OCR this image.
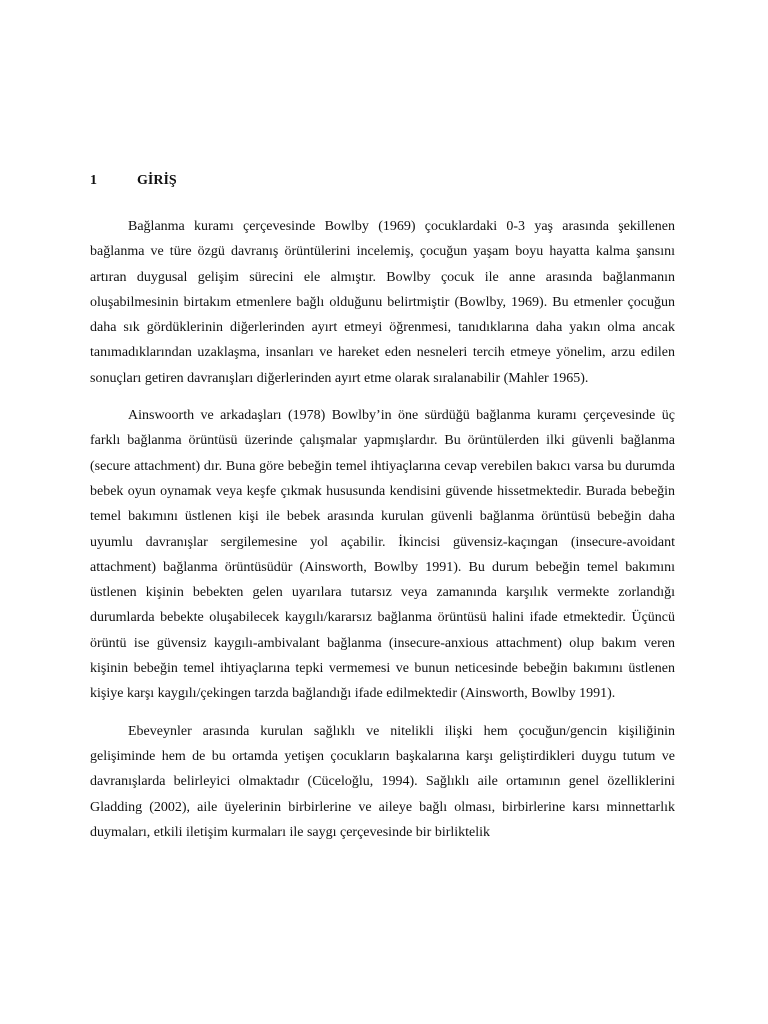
1	GİRİŞ

Bağlanma kuramı çerçevesinde Bowlby (1969) çocuklardaki 0-3 yaş arasında şekillenen bağlanma ve türe özgü davranış örüntülerini incelemiş, çocuğun yaşam boyu hayatta kalma şansını artıran duygusal gelişim sürecini ele almıştır. Bowlby çocuk ile anne arasında bağlanmanın oluşabilmesinin birtakım etmenlere bağlı olduğunu belirtmiştir (Bowlby, 1969). Bu etmenler çocuğun daha sık gördüklerinin diğerlerinden ayırt etmeyi öğrenmesi, tanıdıklarına daha yakın olma ancak tanımadıklarından uzaklaşma, insanları ve hareket eden nesneleri tercih etmeye yönelim, arzu edilen sonuçları getiren davranışları diğerlerinden ayırt etme olarak sıralanabilir (Mahler 1965).

Ainswoorth ve arkadaşları (1978) Bowlby’in öne sürdüğü bağlanma kuramı çerçevesinde üç farklı bağlanma örüntüsü üzerinde çalışmalar yapmışlardır. Bu örüntülerden ilki güvenli bağlanma (secure attachment) dır. Buna göre bebeğin temel ihtiyaçlarına cevap verebilen bakıcı varsa bu durumda bebek oyun oynamak veya keşfe çıkmak hususunda kendisini güvende hissetmektedir. Burada bebeğin temel bakımını üstlenen kişi ile bebek arasında kurulan güvenli bağlanma örüntüsü bebeğin daha uyumlu davranışlar sergilemesine yol açabilir. İkincisi güvensiz-kaçıngan (insecure-avoidant attachment) bağlanma örüntüsüdür (Ainsworth, Bowlby 1991). Bu durum bebeğin temel bakımını üstlenen kişinin bebekten gelen uyarılara tutarsız veya zamanında karşılık vermekte zorlandığı durumlarda bebekte oluşabilecek kaygılı/kararsız bağlanma örüntüsü halini ifade etmektedir. Üçüncü örüntü ise güvensiz kaygılı-ambivalant bağlanma (insecure-anxious attachment) olup bakım veren kişinin bebeğin temel ihtiyaçlarına tepki vermemesi ve bunun neticesinde bebeğin bakımını üstlenen kişiye karşı kaygılı/çekingen tarzda bağlandığı ifade edilmektedir (Ainsworth, Bowlby 1991).

Ebeveynler arasında kurulan sağlıklı ve nitelikli ilişki hem çocuğun/gencin kişiliğinin gelişiminde hem de bu ortamda yetişen çocukların başkalarına karşı geliştirdikleri duygu tutum ve davranışlarda belirleyici olmaktadır (Cüceloğlu, 1994). Sağlıklı aile ortamının genel özelliklerini Gladding (2002), aile üyelerinin birbirlerine ve aileye bağlı olması, birbirlerine karsı minnettarlık duymaları, etkili iletişim kurmaları ile saygı çerçevesinde bir birliktelik
